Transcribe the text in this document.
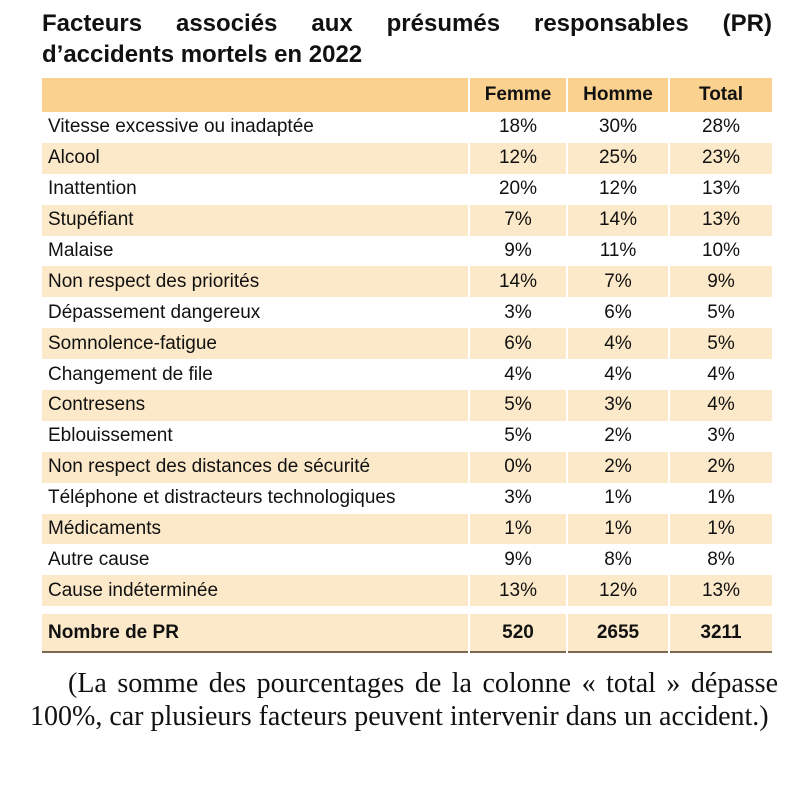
Facteurs associés aux présumés responsables (PR)
d’accidents mortels en 2022
	Femme	Homme	Total
Vitesse excessive ou inadaptée	18%	30%	28%
Alcool	12%	25%	23%
Inattention	20%	12%	13%
Stupéfiant	7%	14%	13%
Malaise	9%	11%	10%
Non respect des priorités	14%	7%	9%
Dépassement dangereux	3%	6%	5%
Somnolence-fatigue	6%	4%	5%
Changement de file	4%	4%	4%
Contresens	5%	3%	4%
Eblouissement	5%	2%	3%
Non respect des distances de sécurité	0%	2%	2%
Téléphone et distracteurs technologiques	3%	1%	1%
Médicaments	1%	1%	1%
Autre cause	9%	8%	8%
Cause indéterminée	13%	12%	13%

Nombre de PR	520	2655	3211
(La somme des pourcentages de la colonne « total » dépasse 100%, car plusieurs facteurs peuvent intervenir dans un accident.)
